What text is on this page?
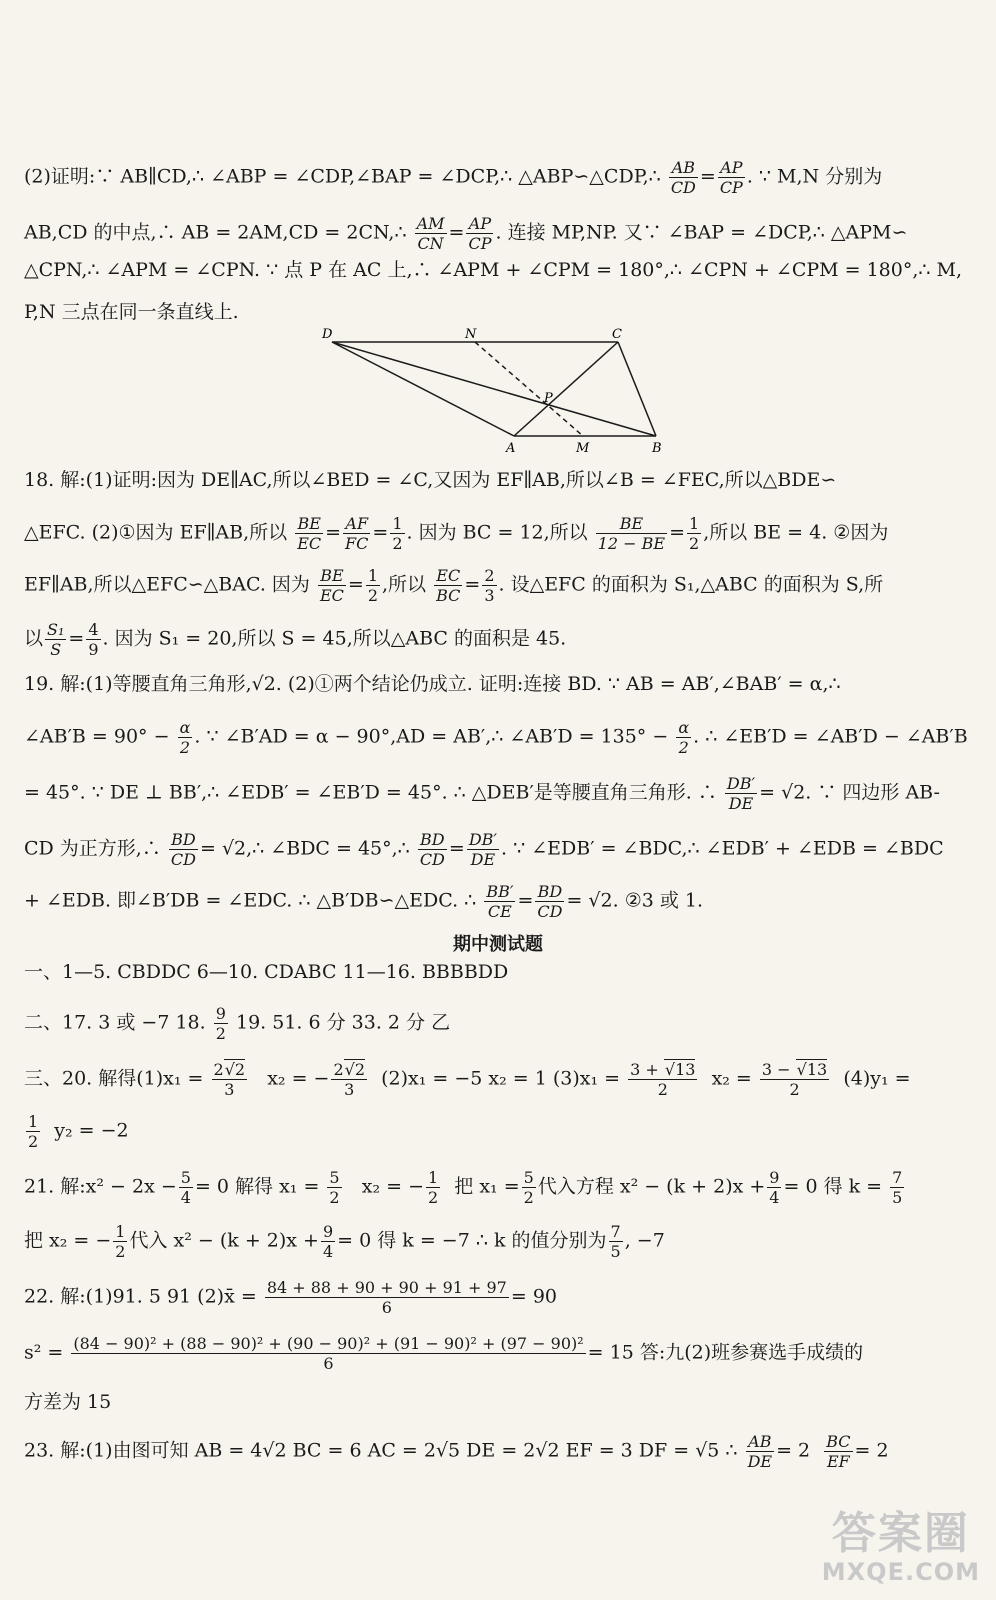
(2)证明:∵ AB∥CD,∴ ∠ABP = ∠CDP,∠BAP = ∠DCP,∴ △ABP∽△CDP,∴ $\frac{AB}{CD} = \frac{AP}{CP}$ . ∵ M,N 分别为
AB,CD 的中点,∴ AB = 2AM,CD = 2CN,∴ $\frac{AM}{CN} = \frac{AP}{CP}$ . 连接 MP,NP. 又∵ ∠BAP = ∠DCP,∴ △APM∽
△CPN,∴ ∠APM = ∠CPN. ∵ 点 P 在 AC 上,∴ ∠APM + ∠CPM = 180°,∴ ∠CPN + ∠CPM = 180°,∴ M,
P,N 三点在同一条直线上.
D	N	C
P
A	M	B
18. 解:(1)证明:因为 DE∥AC,所以∠BED = ∠C,又因为 EF∥AB,所以∠B = ∠FEC,所以△BDE∽
△EFC. (2)①因为 EF∥AB,所以 $\frac{BE}{EC} = \frac{AF}{FC} = \frac{1}{2}$ . 因为 BC = 12,所以 $\frac{BE}{12 - BE} = \frac{1}{2}$ ,所以 BE = 4. ②因为
EF∥AB,所以△EFC∽△BAC. 因为 $\frac{BE}{EC} = \frac{1}{2}$ ,所以 $\frac{EC}{BC} = \frac{2}{3}$ . 设△EFC 的面积为 S₁,△ABC 的面积为 S,所
以 $\frac{\text{S₁}}{S} = \frac{4}{9}$ . 因为 S₁ = 20,所以 S = 45,所以△ABC 的面积是 45.
19. 解:(1)等腰直角三角形,√2. (2)①两个结论仍成立. 证明:连接 BD. ∵ AB = AB′,∠BAB′ = α,∴
∠AB′B = $90^\circ - \frac{\alpha}{2}$ . ∵ ∠B′AD = α − 90°,AD = AB′,∴ ∠AB′D = $135^\circ - \frac{\alpha}{2}$ . ∴ ∠EB′D = ∠AB′D − ∠AB′B
= 45°. ∵ DE ⊥ BB′,∴ ∠EDB′ = ∠EB′D = 45°. ∴ △DEB′是等腰直角三角形. ∴ $\frac{DB'}{DE} = √2$. ∵ 四边形 AB-
CD 为正方形,∴ $\frac{BD}{CD}$ = √2,∴ ∠BDC = 45°,∴ $\frac{BD}{CD} = \frac{DB'}{DE}$ . ∵ ∠EDB′ = ∠BDC,∴ ∠EDB′ + ∠EDB = ∠BDC
+ ∠EDB. 即∠B′DB = ∠EDC. ∴ △B′DB∽△EDC. ∴ $\frac{BB'}{CE} = \frac{BD}{CD} = √2$. ②3 或 1.
期中测试题
一、1—5. CBDDC 6—10. CDABC 11—16. BBBBDD
二、17. 3 或 −7 18. $\frac{9}{2} 19$. 51. 6 分 33. 2 分 乙
三、20. 解得$(1)x_1 = \frac{2√2}{3} x_2$ = − $\frac{2√2}{3} (2)x_1 = -5$ x₂ = 1 $(3)x_1 = \frac{3 + √13}{2} x_2 = \frac{3 - √13}{2} (4)y_1$ =
$\frac{1}{2} y_2 = -2$
21. 解:x² − $2x - \frac{5}{4} = 0$ 解得 $x_1 = \frac{5}{2} x_2$ = − $\frac{1}{2}$ 把 $x_1 = \frac{5}{2}$ 代入方程 $x^2 - (k + 2)x + \frac{9}{4} = 0$ 得 $k = \frac{7}{5}$
把 x₂ = − $\frac{1}{2}$ 代入 $x^2 - (k + 2)x + \frac{9}{4} = 0$ 得 k = −7 ∴ k 的值分别为 $\frac{7}{5}$ , −7
22. 解:(1)91. 5 91 (2)x̄ = $\frac{84 + 88 + 90 + 90 + 91 + 97}{6} = 90$
s² = (84 − 90)² + (88 − 90)² + (90 − 90)² + (91 − 90)² + (97 − 90)²
6	= 15 答:九(2)班参赛选手成绩的
方差为 15
23. 解:(1)由图可知 AB = 4√2 BC = 6 AC = 2√5 DE = 2√2 EF = 3 DF = √5 ∴ $\frac{AB}{DE} = 2 \frac{BC}{EF} = 2$
答案圈
MXQE.COM
